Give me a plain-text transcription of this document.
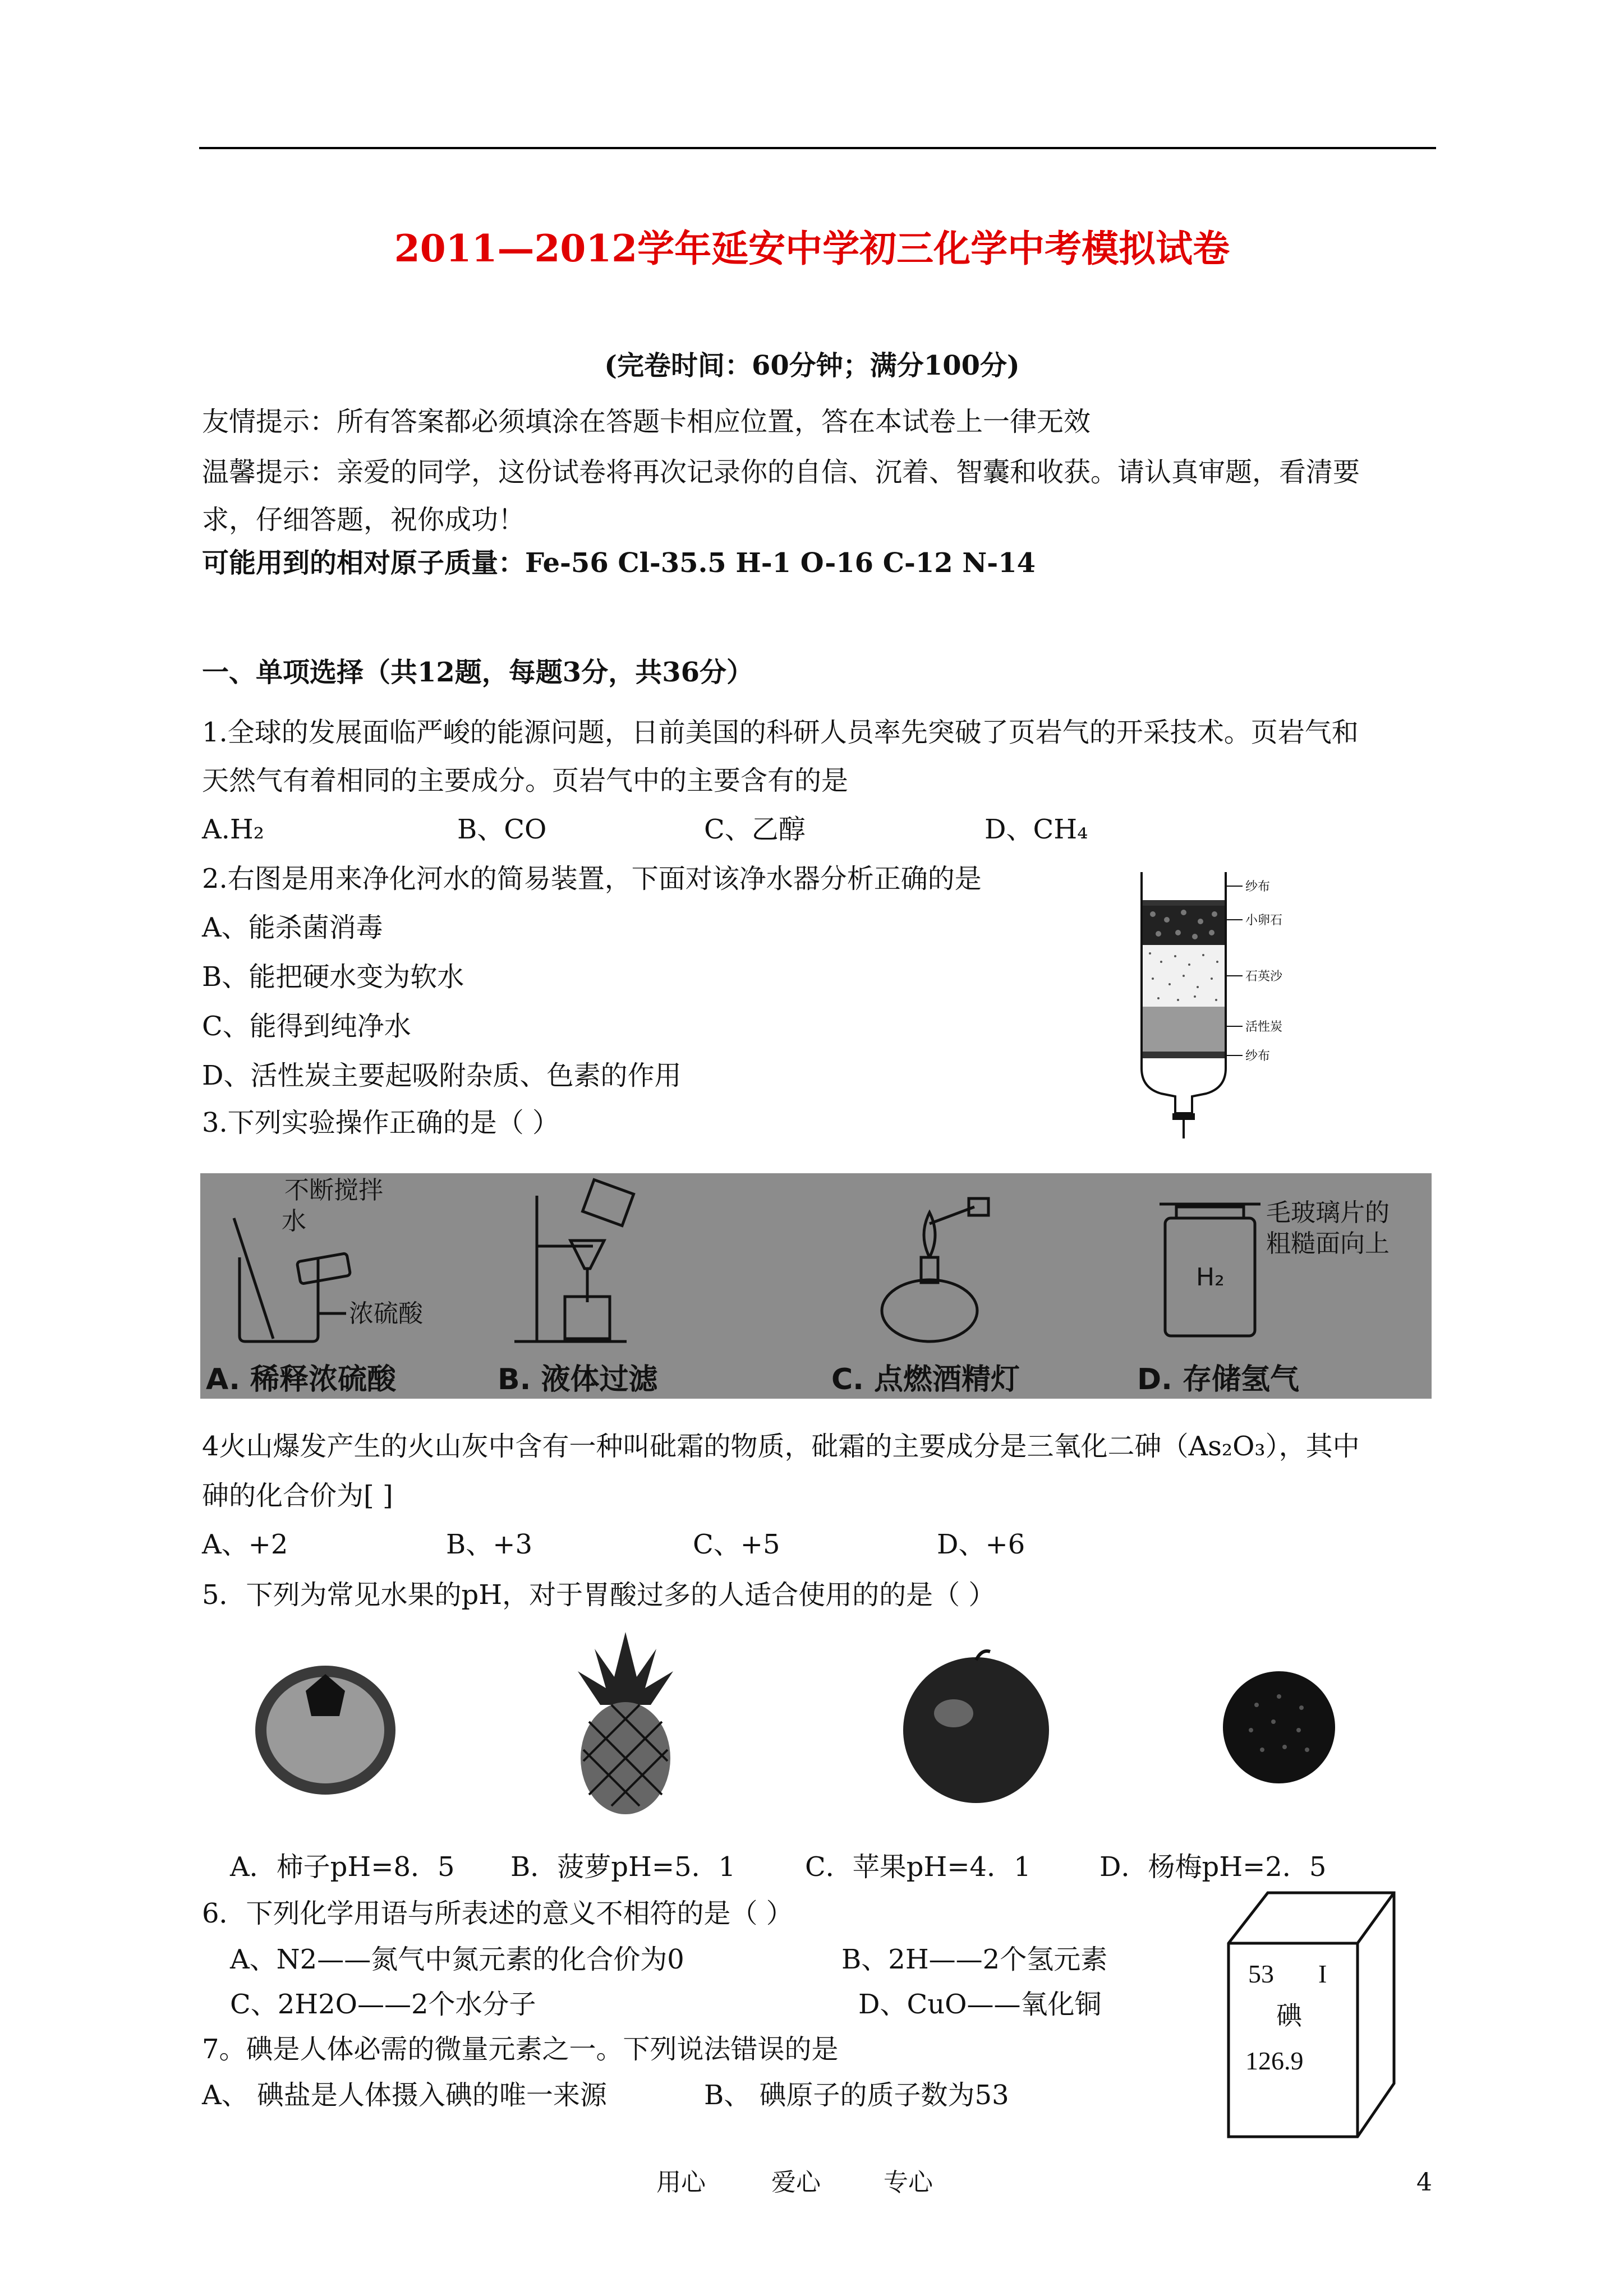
2011—2012学年延安中学初三化学中考模拟试卷
(完卷时间：60分钟；满分100分)
友情提示：所有答案都必须填涂在答题卡相应位置，答在本试卷上一律无效
温馨提示：亲爱的同学，这份试卷将再次记录你的自信、沉着、智囊和收获。请认真审题，看清要
求，仔细答题，祝你成功！
可能用到的相对原子质量：Fe-56 Cl-35.5 H-1 O-16 C-12 N-14
一、单项选择（共12题，每题3分，共36分）
1.全球的发展面临严峻的能源问题，日前美国的科研人员率先突破了页岩气的开采技术。页岩气和
天然气有着相同的主要成分。页岩气中的主要含有的是
A.H₂	B、CO	C、乙醇	D、CH₄
2.右图是用来净化河水的简易装置，下面对该净水器分析正确的是
A、能杀菌消毒
B、能把硬水变为软水
C、能得到纯净水
D、活性炭主要起吸附杂质、色素的作用
纱布
小卵石
石英沙
活性炭
纱布
3.下列实验操作正确的是（ ）
不断搅拌
水
浓硫酸
H₂
毛玻璃片的
粗糙面向上
A. 稀释浓硫酸	B. 液体过滤	C. 点燃酒精灯	D. 存储氢气
4火山爆发产生的火山灰中含有一种叫砒霜的物质，砒霜的主要成分是三氧化二砷（As₂O₃），其中
砷的化合价为[ ]
A、+2	B、+3	C、+5	D、+6
5．下列为常见水果的pH，对于胃酸过多的人适合使用的的是（ ）
A．柿子pH=8．5 B．菠萝pH=5．1	C．苹果pH=4．1	D．杨梅pH=2．5
6．下列化学用语与所表述的意义不相符的是（ ）
A、N2——氮气中氮元素的化合价为0	B、2H——2个氢元素
C、2H2O——2个水分子	D、CuO——氧化铜
7。碘是人体必需的微量元素之一。下列说法错误的是
A、 碘盐是人体摄入碘的唯一来源	B、 碘原子的质子数为53
53 I
碘
126.9
用心	爱心	专心	4
